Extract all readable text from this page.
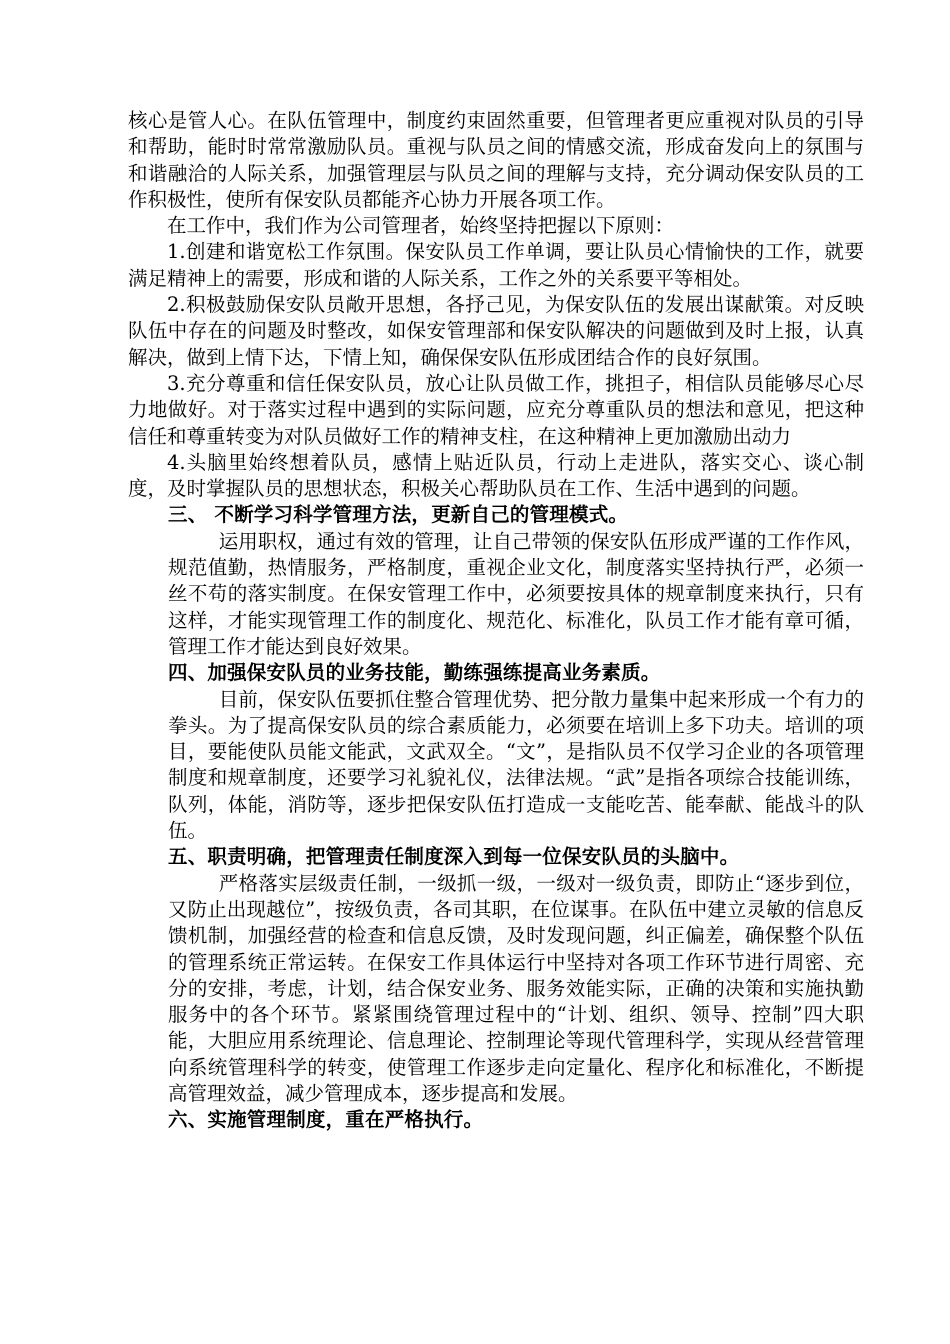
核心是管人心。在队伍管理中，制度约束固然重要，但管理者更应重视对队员的引导和帮助，能时时常常激励队员。重视与队员之间的情感交流，形成奋发向上的氛围与和谐融洽的人际关系，加强管理层与队员之间的理解与支持，充分调动保安队员的工作积极性，使所有保安队员都能齐心协力开展各项工作。

在工作中，我们作为公司管理者，始终坚持把握以下原则：

1.创建和谐宽松工作氛围。保安队员工作单调，要让队员心情愉快的工作，就要满足精神上的需要，形成和谐的人际关系，工作之外的关系要平等相处。

2.积极鼓励保安队员敞开思想，各抒己见，为保安队伍的发展出谋献策。对反映队伍中存在的问题及时整改，如保安管理部和保安队解决的问题做到及时上报，认真解决，做到上情下达，下情上知，确保保安队伍形成团结合作的良好氛围。

3.充分尊重和信任保安队员，放心让队员做工作，挑担子，相信队员能够尽心尽力地做好。对于落实过程中遇到的实际问题，应充分尊重队员的想法和意见，把这种信任和尊重转变为对队员做好工作的精神支柱，在这种精神上更加激励出动力

4.头脑里始终想着队员，感情上贴近队员，行动上走进队，落实交心、谈心制度，及时掌握队员的思想状态，积极关心帮助队员在工作、生活中遇到的问题。

三、 不断学习科学管理方法，更新自己的管理模式。

运用职权，通过有效的管理，让自己带领的保安队伍形成严谨的工作作风，规范值勤，热情服务，严格制度，重视企业文化，制度落实坚持执行严，必须一丝不苟的落实制度。在保安管理工作中，必须要按具体的规章制度来执行，只有这样，才能实现管理工作的制度化、规范化、标准化，队员工作才能有章可循，管理工作才能达到良好效果。

四、加强保安队员的业务技能，勤练强练提高业务素质。

目前，保安队伍要抓住整合管理优势、把分散力量集中起来形成一个有力的拳头。为了提高保安队员的综合素质能力，必须要在培训上多下功夫。培训的项目，要能使队员能文能武，文武双全。“文”，是指队员不仅学习企业的各项管理制度和规章制度，还要学习礼貌礼仪，法律法规。“武”是指各项综合技能训练，队列，体能，消防等，逐步把保安队伍打造成一支能吃苦、能奉献、能战斗的队伍。

五、职责明确，把管理责任制度深入到每一位保安队员的头脑中。

严格落实层级责任制，一级抓一级，一级对一级负责，即防止“逐步到位，又防止出现越位”，按级负责，各司其职，在位谋事。在队伍中建立灵敏的信息反馈机制，加强经营的检查和信息反馈，及时发现问题，纠正偏差，确保整个队伍的管理系统正常运转。在保安工作具体运行中坚持对各项工作环节进行周密、充分的安排，考虑，计划，结合保安业务、服务效能实际，正确的决策和实施执勤服务中的各个环节。紧紧围绕管理过程中的“计划、组织、领导、控制”四大职能，大胆应用系统理论、信息理论、控制理论等现代管理科学，实现从经营管理向系统管理科学的转变，使管理工作逐步走向定量化、程序化和标准化，不断提高管理效益，减少管理成本，逐步提高和发展。

六、实施管理制度，重在严格执行。
